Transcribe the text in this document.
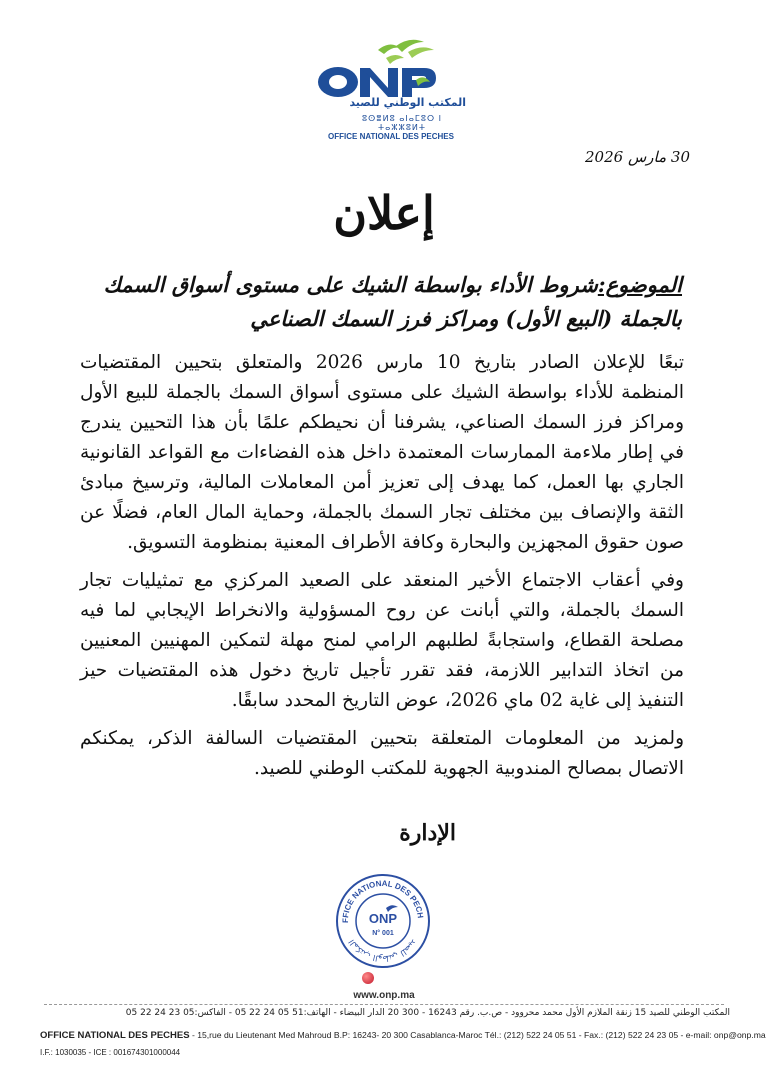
المكتب الوطني للصيد
ⵓⵙⴻⵍⵓ ⴰⵏⴰⵎⵓⵔ ⵏ ⵜⴰⵣⵣⵓⵍⵜ
OFFICE NATIONAL DES PECHES
30 مارس 2026
إعلان
الموضوع:شروط الأداء بواسطة الشيك على مستوى أسواق السمك
بالجملة (البيع الأول) ومراكز فرز السمك الصناعي

تبعًا للإعلان الصادر بتاريخ 10 مارس 2026 والمتعلق بتحيين المقتضيات المنظمة للأداء بواسطة الشيك على مستوى أسواق السمك بالجملة للبيع الأول ومراكز فرز السمك الصناعي، يشرفنا أن نحيطكم علمًا بأن هذا التحيين يندرج في إطار ملاءمة الممارسات المعتمدة داخل هذه الفضاءات مع القواعد القانونية الجاري بها العمل، كما يهدف إلى تعزيز أمن المعاملات المالية، وترسيخ مبادئ الثقة والإنصاف بين مختلف تجار السمك بالجملة، وحماية المال العام، فضلًا عن صون حقوق المجهزين والبحارة وكافة الأطراف المعنية بمنظومة التسويق.

وفي أعقاب الاجتماع الأخير المنعقد على الصعيد المركزي مع تمثيليات تجار السمك بالجملة، والتي أبانت عن روح المسؤولية والانخراط الإيجابي لما فيه مصلحة القطاع، واستجابةً لطلبهم الرامي لمنح مهلة لتمكين المهنيين المعنيين من اتخاذ التدابير اللازمة، فقد تقرر تأجيل تاريخ دخول هذه المقتضيات حيز التنفيذ إلى غاية 02 ماي 2026، عوض التاريخ المحدد سابقًا.

ولمزيد من المعلومات المتعلقة بتحيين المقتضيات السالفة الذكر، يمكنكم الاتصال بمصالح المندوبية الجهوية للمكتب الوطني للصيد.

الإدارة
FFICE NATIONAL DES PECH
المكتب الوطني للصيد
ONP
N° 001
www.onp.ma
المكتب الوطني للصيد 15 زنقة الملازم الأول محمد محروود - ص.ب. رقم 16243 - 300 20 الدار البيضاء - الهاتف:51 05 24 22 05 - الفاكس:05 23 24 22 05
OFFICE NATIONAL DES PECHES - 15,rue du Lieutenant Med Mahroud B.P: 16243- 20 300 Casablanca-Maroc Tél.: (212) 522 24 05 51 - Fax.: (212) 522 24 23 05 - e-mail: onp@onp.ma
I.F.: 1030035 - ICE : 001674301000044
